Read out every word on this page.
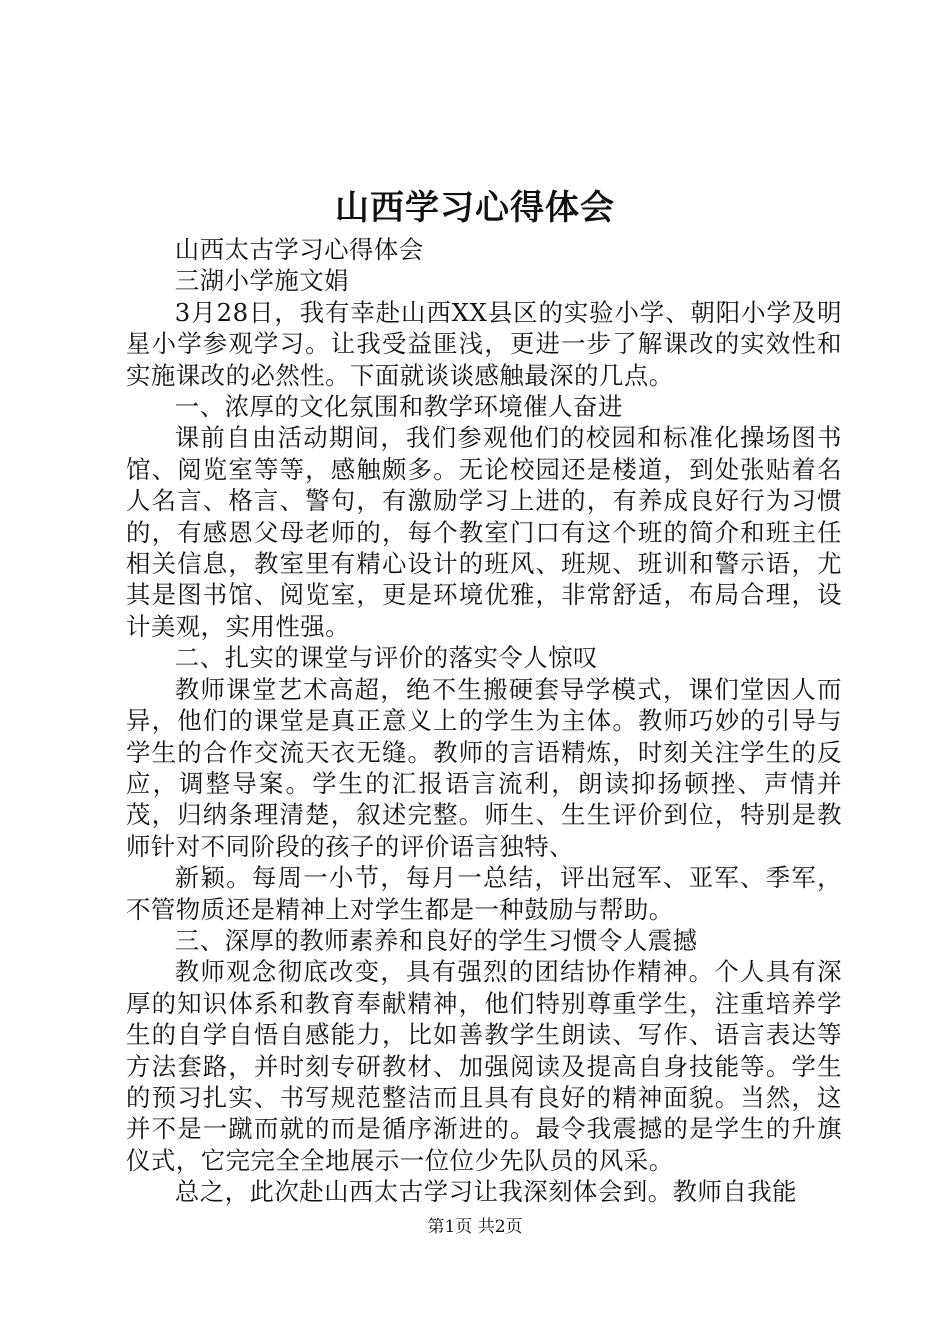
山西学习心得体会

山西太古学习心得体会

三湖小学施文娟

3月28日，我有幸赴山西XX县区的实验小学、朝阳小学及明星小学参观学习。让我受益匪浅，更进一步了解课改的实效性和实施课改的必然性。下面就谈谈感触最深的几点。

一、浓厚的文化氛围和教学环境催人奋进

课前自由活动期间，我们参观他们的校园和标准化操场图书馆、阅览室等等，感触颇多。无论校园还是楼道，到处张贴着名人名言、格言、警句，有激励学习上进的，有养成良好行为习惯的，有感恩父母老师的，每个教室门口有这个班的简介和班主任相关信息，教室里有精心设计的班风、班规、班训和警示语，尤其是图书馆、阅览室，更是环境优雅，非常舒适，布局合理，设计美观，实用性强。

二、扎实的课堂与评价的落实令人惊叹

教师课堂艺术高超，绝不生搬硬套导学模式，课们堂因人而异，他们的课堂是真正意义上的学生为主体。教师巧妙的引导与学生的合作交流天衣无缝。教师的言语精炼，时刻关注学生的反应，调整导案。学生的汇报语言流利，朗读抑扬顿挫、声情并茂，归纳条理清楚，叙述完整。师生、生生评价到位，特别是教师针对不同阶段的孩子的评价语言独特、

新颖。每周一小节，每月一总结，评出冠军、亚军、季军，不管物质还是精神上对学生都是一种鼓励与帮助。

三、深厚的教师素养和良好的学生习惯令人震撼

教师观念彻底改变，具有强烈的团结协作精神。个人具有深厚的知识体系和教育奉献精神，他们特别尊重学生，注重培养学生的自学自悟自感能力，比如善教学生朗读、写作、语言表达等方法套路，并时刻专研教材、加强阅读及提高自身技能等。学生的预习扎实、书写规范整洁而且具有良好的精神面貌。当然，这并不是一蹴而就的而是循序渐进的。最令我震撼的是学生的升旗仪式，它完完全全地展示一位位少先队员的风采。

总之，此次赴山西太古学习让我深刻体会到。教师自我能

第1页 共2页
